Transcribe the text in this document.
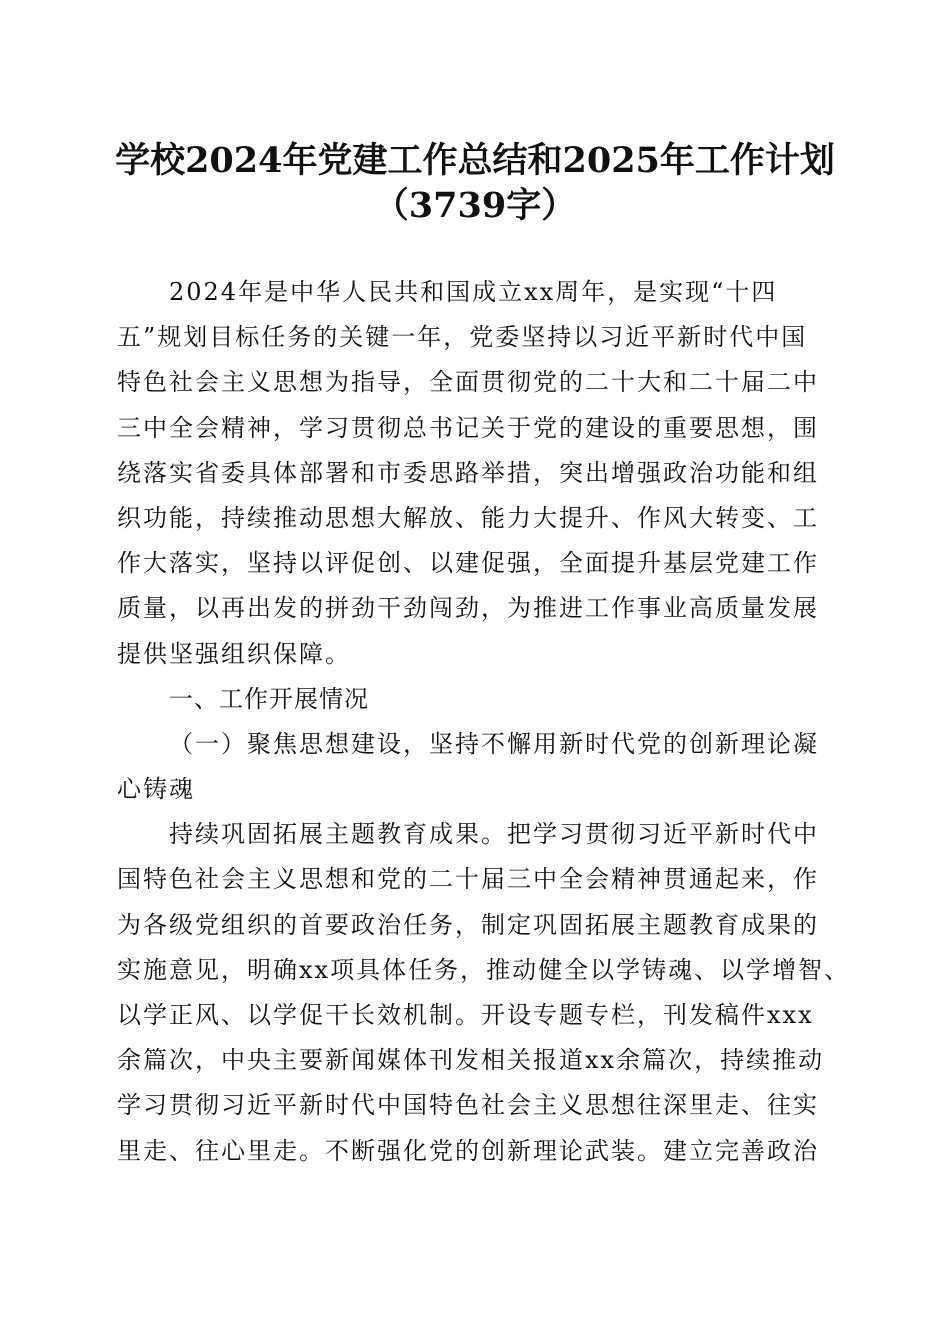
学校2024年党建工作总结和2025年工作计划
（3739字）
2024年是中华人民共和国成立xx周年，是实现“十四
五”规划目标任务的关键一年，党委坚持以习近平新时代中国
特色社会主义思想为指导，全面贯彻党的二十大和二十届二中
三中全会精神，学习贯彻总书记关于党的建设的重要思想，围
绕落实省委具体部署和市委思路举措，突出增强政治功能和组
织功能，持续推动思想大解放、能力大提升、作风大转变、工
作大落实，坚持以评促创、以建促强，全面提升基层党建工作
质量，以再出发的拼劲干劲闯劲，为推进工作事业高质量发展
提供坚强组织保障。
一、工作开展情况
（一）聚焦思想建设，坚持不懈用新时代党的创新理论凝
心铸魂
持续巩固拓展主题教育成果。把学习贯彻习近平新时代中
国特色社会主义思想和党的二十届三中全会精神贯通起来，作
为各级党组织的首要政治任务，制定巩固拓展主题教育成果的
实施意见，明确xx项具体任务，推动健全以学铸魂、以学增智、
以学正风、以学促干长效机制。开设专题专栏，刊发稿件xxx
余篇次，中央主要新闻媒体刊发相关报道xx余篇次，持续推动
学习贯彻习近平新时代中国特色社会主义思想往深里走、往实
里走、往心里走。不断强化党的创新理论武装。建立完善政治
